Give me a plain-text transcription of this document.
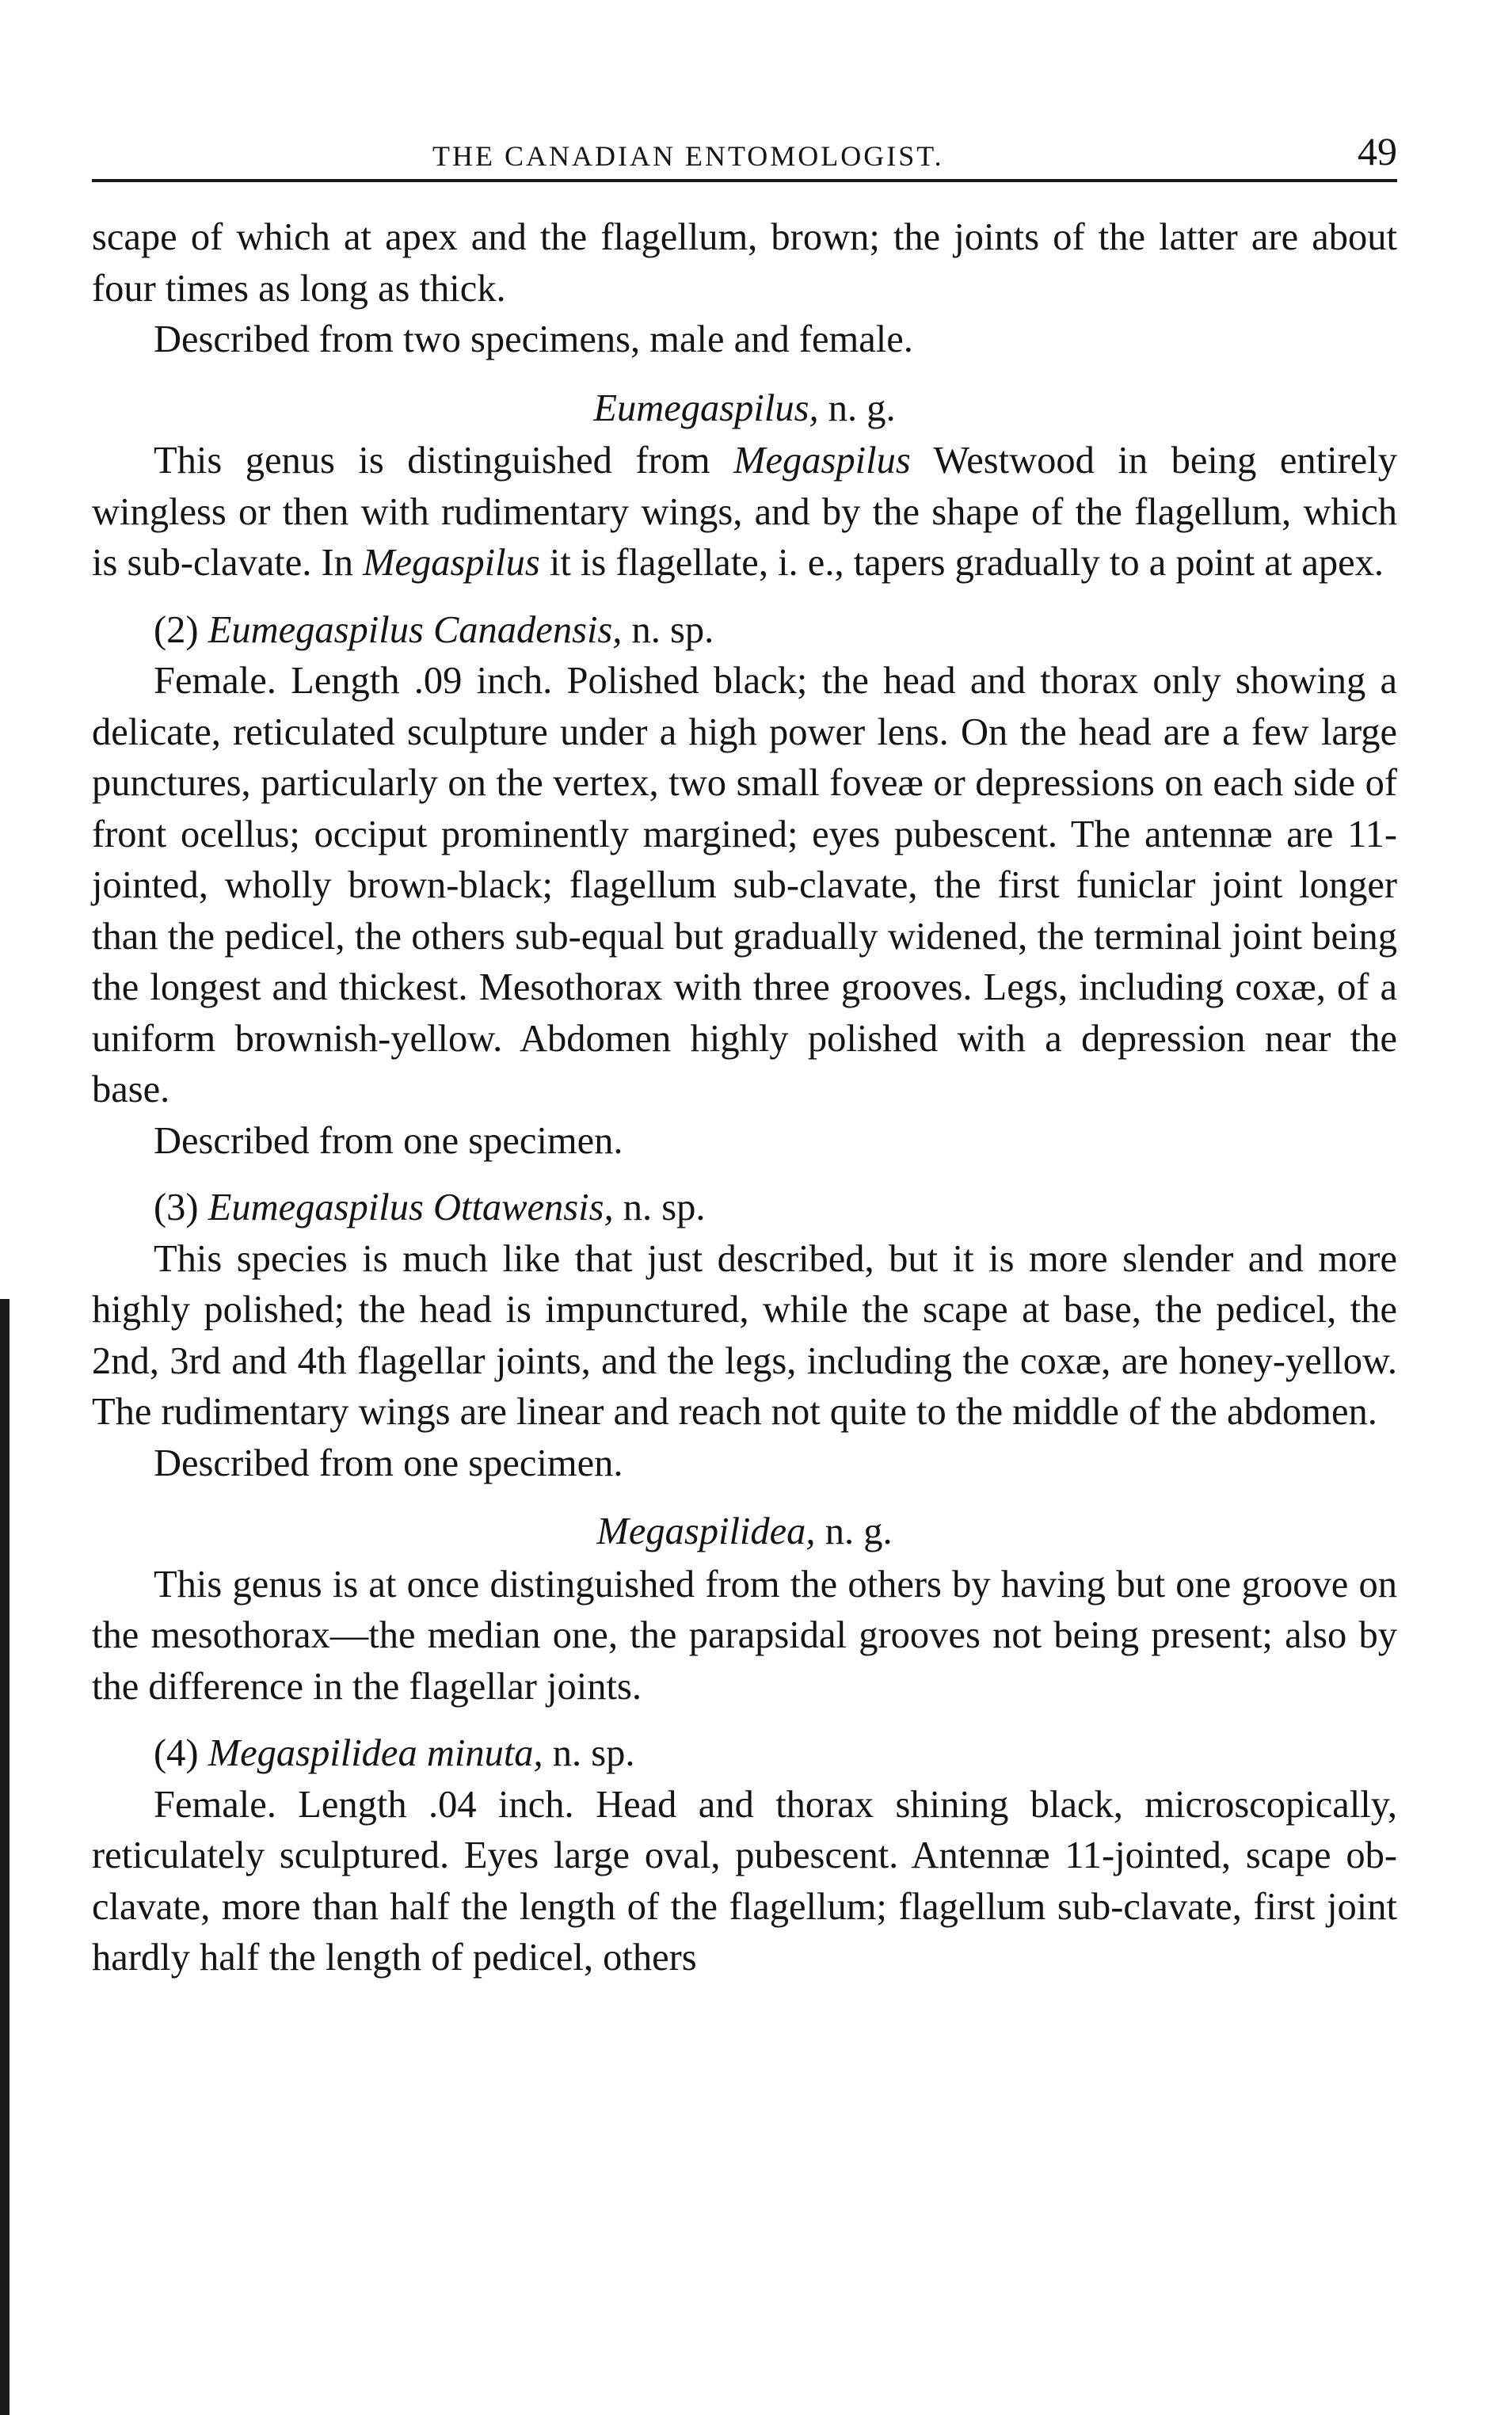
THE CANADIAN ENTOMOLOGIST.	49

scape of which at apex and the flagellum, brown; the joints of the latter are about four times as long as thick.

Described from two specimens, male and female.

Eumegaspilus, n. g.

This genus is distinguished from Megaspilus Westwood in being entirely wingless or then with rudimentary wings, and by the shape of the flagellum, which is sub-clavate. In Megaspilus it is flagellate, i. e., tapers gradually to a point at apex.

(2) Eumegaspilus Canadensis, n. sp.

Female. Length .09 inch. Polished black; the head and thorax only showing a delicate, reticulated sculpture under a high power lens. On the head are a few large punctures, particularly on the vertex, two small foveæ or depressions on each side of front ocellus; occiput prominently margined; eyes pubescent. The antennæ are 11-jointed, wholly brown-black; flagellum sub-clavate, the first funiclar joint longer than the pedicel, the others sub-equal but gradually widened, the terminal joint being the longest and thickest. Mesothorax with three grooves. Legs, including coxæ, of a uniform brownish-yellow. Abdomen highly polished with a depression near the base.

Described from one specimen.

(3) Eumegaspilus Ottawensis, n. sp.

This species is much like that just described, but it is more slender and more highly polished; the head is impunctured, while the scape at base, the pedicel, the 2nd, 3rd and 4th flagellar joints, and the legs, including the coxæ, are honey-yellow. The rudimentary wings are linear and reach not quite to the middle of the abdomen.

Described from one specimen.

Megaspilidea, n. g.

This genus is at once distinguished from the others by having but one groove on the mesothorax—the median one, the parapsidal grooves not being present; also by the difference in the flagellar joints.

(4) Megaspilidea minuta, n. sp.

Female. Length .04 inch. Head and thorax shining black, microscopically, reticulately sculptured. Eyes large oval, pubescent. Antennæ 11-jointed, scape ob-clavate, more than half the length of the flagellum; flagellum sub-clavate, first joint hardly half the length of pedicel, others
